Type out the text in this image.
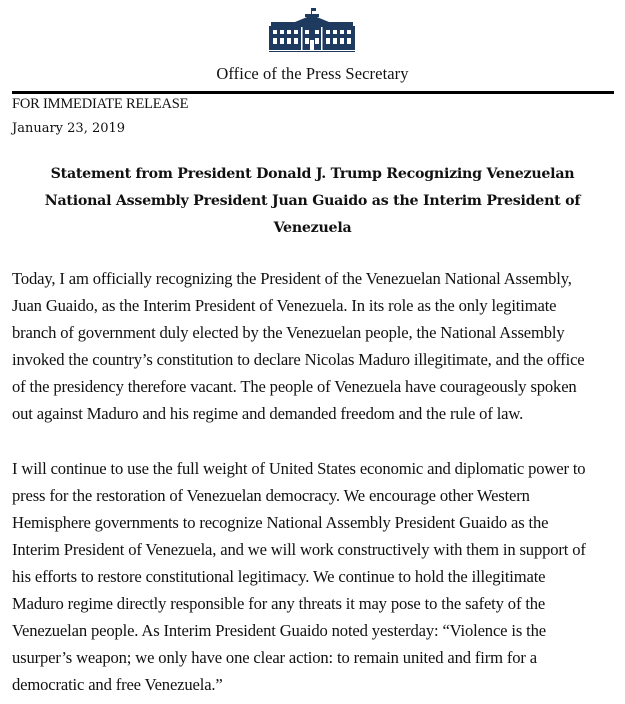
Office of the Press Secretary
FOR IMMEDIATE RELEASE
January 23, 2019
Statement from President Donald J. Trump Recognizing Venezuelan
National Assembly President Juan Guaido as the Interim President of
Venezuela
Today, I am officially recognizing the President of the Venezuelan National Assembly,
Juan Guaido, as the Interim President of Venezuela. In its role as the only legitimate
branch of government duly elected by the Venezuelan people, the National Assembly
invoked the country’s constitution to declare Nicolas Maduro illegitimate, and the office
of the presidency therefore vacant. The people of Venezuela have courageously spoken
out against Maduro and his regime and demanded freedom and the rule of law.
I will continue to use the full weight of United States economic and diplomatic power to
press for the restoration of Venezuelan democracy. We encourage other Western
Hemisphere governments to recognize National Assembly President Guaido as the
Interim President of Venezuela, and we will work constructively with them in support of
his efforts to restore constitutional legitimacy. We continue to hold the illegitimate
Maduro regime directly responsible for any threats it may pose to the safety of the
Venezuelan people. As Interim President Guaido noted yesterday: “Violence is the
usurper’s weapon; we only have one clear action: to remain united and firm for a
democratic and free Venezuela.”
